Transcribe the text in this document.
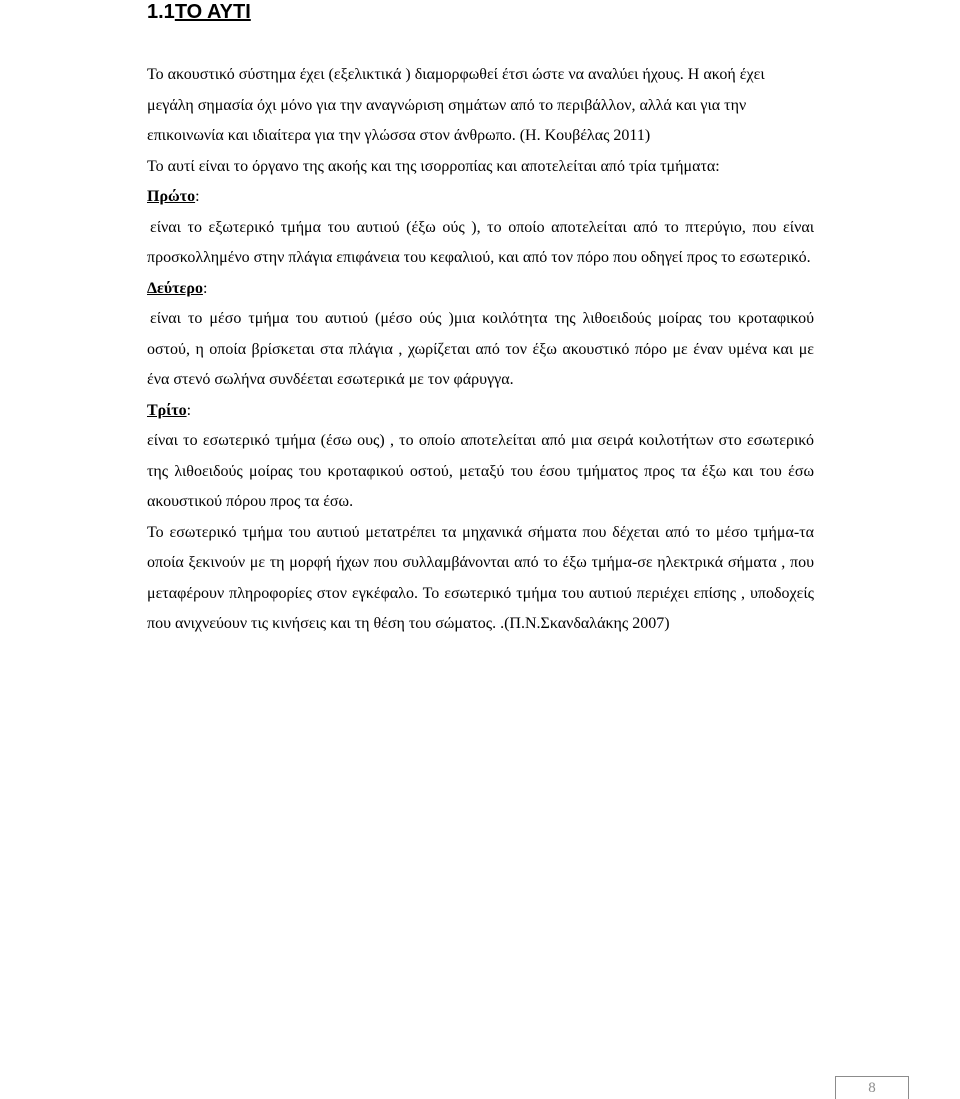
1.1ΤΟ ΑΥΤΙ

Το ακουστικό σύστημα έχει (εξελικτικά ) διαμορφωθεί έτσι ώστε να αναλύει ήχους. Η ακοή έχει μεγάλη σημασία όχι μόνο για την αναγνώριση σημάτων από το περιβάλλον, αλλά και για την επικοινωνία και ιδιαίτερα για την γλώσσα στον άνθρωπο. (Η. Κουβέλας 2011)

Το αυτί είναι το όργανο της ακοής και της ισορροπίας και αποτελείται από τρία τμήματα:

Πρώτο:

είναι το εξωτερικό τμήμα του αυτιού (έξω ούς ), το οποίο αποτελείται από το πτερύγιο, που είναι προσκολλημένο στην πλάγια επιφάνεια του κεφαλιού, και από τον πόρο που οδηγεί προς το εσωτερικό.

Δεύτερο:

είναι το μέσο τμήμα του αυτιού (μέσο ούς )μια κοιλότητα της λιθοειδούς μοίρας του κροταφικού οστού, η οποία βρίσκεται στα πλάγια , χωρίζεται από τον έξω ακουστικό πόρο με έναν υμένα και με ένα στενό σωλήνα συνδέεται εσωτερικά με τον φάρυγγα.

Τρίτο:

είναι το εσωτερικό τμήμα (έσω ους) , το οποίο αποτελείται από μια σειρά κοιλοτήτων στο εσωτερικό της λιθοειδούς μοίρας του κροταφικού οστού, μεταξύ του έσου τμήματος προς τα έξω και του έσω ακουστικού πόρου προς τα έσω.

Το εσωτερικό τμήμα του αυτιού μετατρέπει τα μηχανικά σήματα που δέχεται από το μέσο τμήμα-τα οποία ξεκινούν με τη μορφή ήχων που συλλαμβάνονται από το έξω τμήμα-σε ηλεκτρικά σήματα , που μεταφέρουν πληροφορίες στον εγκέφαλο. Το εσωτερικό τμήμα του αυτιού περιέχει επίσης , υποδοχείς που ανιχνεύουν τις κινήσεις και τη θέση του σώματος. .(Π.Ν.Σκανδαλάκης 2007)

8
